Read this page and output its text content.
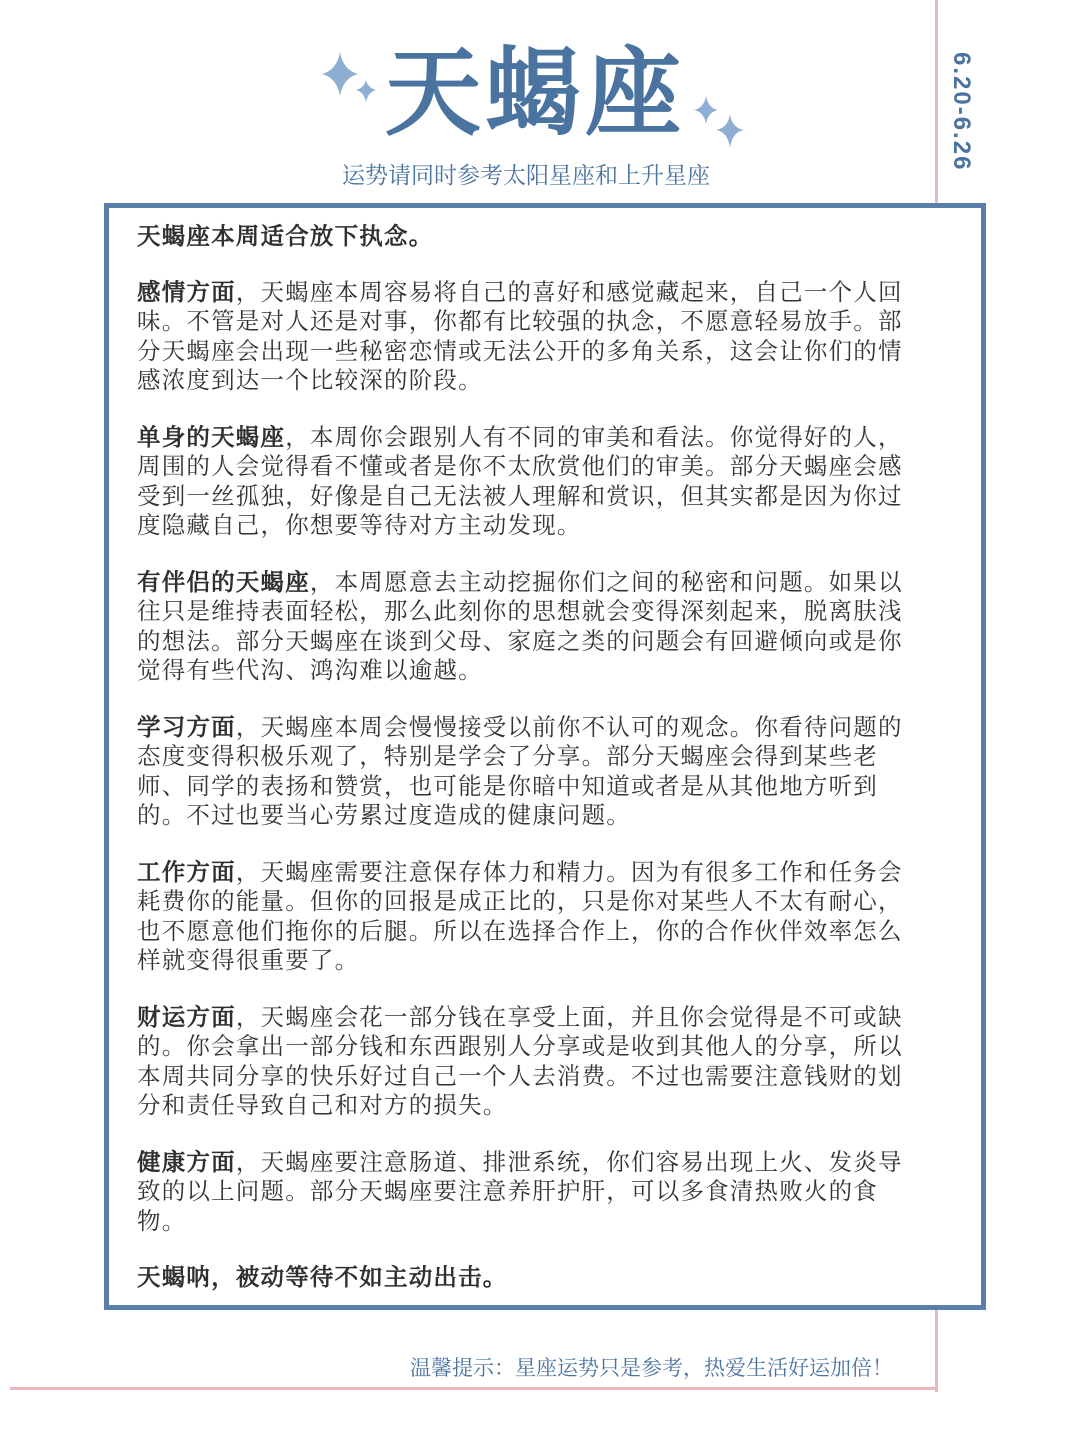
天蝎座
运势请同时参考太阳星座和上升星座
6.20-6.26

天蝎座本周适合放下执念。

感情方面，天蝎座本周容易将自己的喜好和感觉藏起来，自己一个人回味。不管是对人还是对事，你都有比较强的执念，不愿意轻易放手。部分天蝎座会出现一些秘密恋情或无法公开的多角关系，这会让你们的情感浓度到达一个比较深的阶段。

单身的天蝎座，本周你会跟别人有不同的审美和看法。你觉得好的人，周围的人会觉得看不懂或者是你不太欣赏他们的审美。部分天蝎座会感受到一丝孤独，好像是自己无法被人理解和赏识，但其实都是因为你过度隐藏自己，你想要等待对方主动发现。

有伴侣的天蝎座，本周愿意去主动挖掘你们之间的秘密和问题。如果以往只是维持表面轻松，那么此刻你的思想就会变得深刻起来，脱离肤浅的想法。部分天蝎座在谈到父母、家庭之类的问题会有回避倾向或是你觉得有些代沟、鸿沟难以逾越。

学习方面，天蝎座本周会慢慢接受以前你不认可的观念。你看待问题的态度变得积极乐观了，特别是学会了分享。部分天蝎座会得到某些老师、同学的表扬和赞赏，也可能是你暗中知道或者是从其他地方听到的。不过也要当心劳累过度造成的健康问题。

工作方面，天蝎座需要注意保存体力和精力。因为有很多工作和任务会耗费你的能量。但你的回报是成正比的，只是你对某些人不太有耐心，也不愿意他们拖你的后腿。所以在选择合作上，你的合作伙伴效率怎么样就变得很重要了。

财运方面，天蝎座会花一部分钱在享受上面，并且你会觉得是不可或缺的。你会拿出一部分钱和东西跟别人分享或是收到其他人的分享，所以本周共同分享的快乐好过自己一个人去消费。不过也需要注意钱财的划分和责任导致自己和对方的损失。

健康方面，天蝎座要注意肠道、排泄系统，你们容易出现上火、发炎导致的以上问题。部分天蝎座要注意养肝护肝，可以多食清热败火的食物。

天蝎呐，被动等待不如主动出击。

温馨提示：星座运势只是参考，热爱生活好运加倍！
